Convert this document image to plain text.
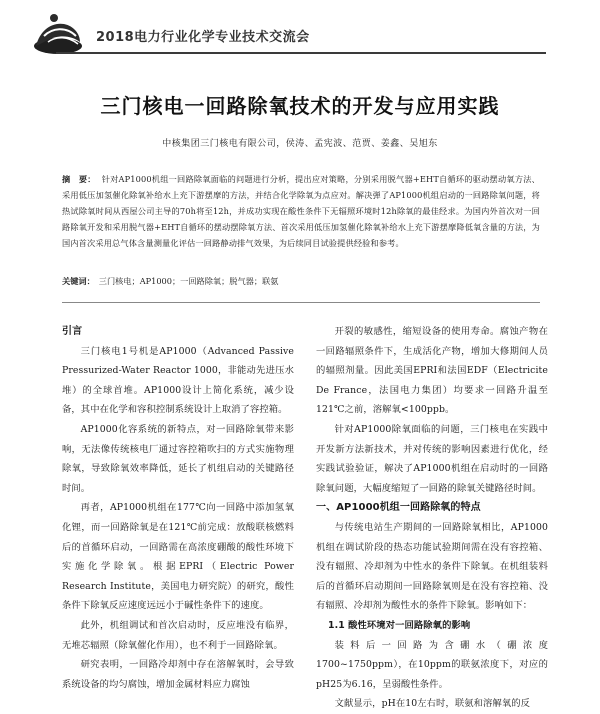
2018电力行业化学专业技术交流会
三门核电一回路除氧技术的开发与应用实践
中核集团三门核电有限公司，侯涛、孟宪波、范贾、姜鑫、吴旭东
摘　要： 针对AP1000机组一回路除氧面临的问题进行分析，提出应对策略，分别采用脱气器+EHT自循环的驱动摆动氧方法、采用低压加氢催化除氧补给水上充下游摆摩的方法，并结合化学除氧为点应对。解决弹了AP1000机组启动的一回路除氧问题，将热试除氧时间从西屋公司主导的70h将至12h，并成功实现在酸性条件下无辐照环境时12h除氧的最佳经求。为国内外首次对一回路除氧开发和采用脱气器+EHT自循环的摆动摆除氧方法、首次采用低压加氢催化除氧补给水上充下游摆摩降低氧含量的方法，为国内首次采用总气体含量测量化评估一回路静动排气效果，为后续同目试验提供经验和参考。
关键词： 三门核电；AP1000；一回路除氧；脱气器；联氨
引言

三门核电1号机是AP1000（Advanced Passive Pressurized-Water Reactor 1000，非能动先进压水堆）的全球首堆。AP1000设计上简化系统，减少设备，其中在化学和容积控制系统设计上取消了容控箱。

AP1000化容系统的新特点，对一回路除氧带来影响，无法像传统核电厂通过容控箱吹扫的方式实施物理除氧，导致除氧效率降低，延长了机组启动的关键路径时间。

再者，AP1000机组在177℃向一回路中添加氢氧化锂，而一回路除氧是在121℃前完成：放酸联核燃料后的首循环启动，一回路需在高浓度硼酸的酸性环境下实施化学除氧。根据EPRI（Electric Power Research Institute，美国电力研究院）的研究，酸性条件下除氧反应速度远远小于碱性条件下的速度。

此外，机组调试和首次启动时，反应堆没有临界，无堆芯辐照（除氧催化作用），也不利于一回路除氧。

研究表明，一回路冷却剂中存在溶解氧时，会导致系统设备的均匀腐蚀，增加金属材料应力腐蚀

开裂的敏感性，缩短设备的使用寿命。腐蚀产物在一回路辐照条件下，生成活化产物，增加大修期间人员的辐照剂量。因此美国EPRI和法国EDF（Electricite De France，法国电力集团）均要求一回路升温至121℃之前，溶解氧<100ppb。

针对AP1000除氧面临的问题，三门核电在实践中开发新方法新技术，并对传统的影响因素进行优化，经实践试验验证，解决了AP1000机组在启动时的一回路除氧问题，大幅度缩短了一回路的除氧关键路径时间。

一、AP1000机组一回路除氧的特点

与传统电站生产期间的一回路除氧相比，AP1000机组在调试阶段的热态功能试验期间需在没有容控箱、没有辐照、冷却剂为中性水的条件下除氧。在机组装料后的首循环启动期间一回路除氧则是在没有容控箱、没有辐照、冷却剂为酸性水的条件下除氧。影响如下：

1.1 酸性环境对一回路除氧的影响

装料后一回路为含硼水（硼浓度1700~1750ppm），在10ppm的联氨浓度下，对应的pH25为6.16，呈弱酸性条件。

文献显示，pH在10左右时，联氨和溶解氧的反
